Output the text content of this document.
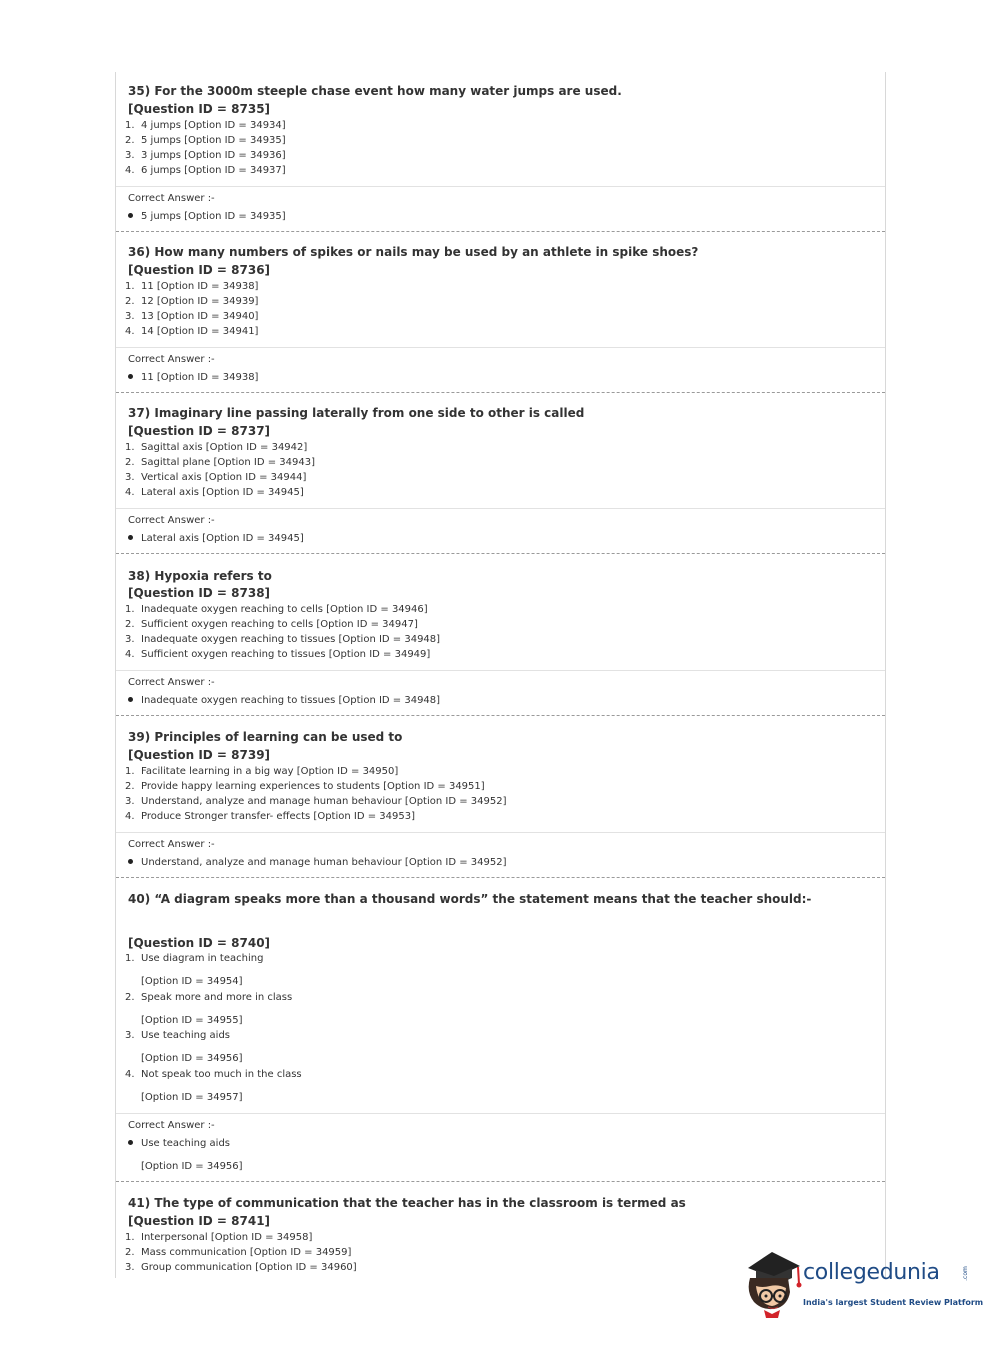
35) For the 3000m steeple chase event how many water jumps are used.
[Question ID = 8735]
1. 4 jumps [Option ID = 34934]
2. 5 jumps [Option ID = 34935]
3. 3 jumps [Option ID = 34936]
4. 6 jumps [Option ID = 34937]
Correct Answer :-
5 jumps [Option ID = 34935]
36) How many numbers of spikes or nails may be used by an athlete in spike shoes?
[Question ID = 8736]
1. 11 [Option ID = 34938]
2. 12 [Option ID = 34939]
3. 13 [Option ID = 34940]
4. 14 [Option ID = 34941]
Correct Answer :-
11 [Option ID = 34938]
37) Imaginary line passing laterally from one side to other is called
[Question ID = 8737]
1. Sagittal axis [Option ID = 34942]
2. Sagittal plane [Option ID = 34943]
3. Vertical axis [Option ID = 34944]
4. Lateral axis [Option ID = 34945]
Correct Answer :-
Lateral axis [Option ID = 34945]
38) Hypoxia refers to
[Question ID = 8738]
1. Inadequate oxygen reaching to cells [Option ID = 34946]
2. Sufficient oxygen reaching to cells [Option ID = 34947]
3. Inadequate oxygen reaching to tissues [Option ID = 34948]
4. Sufficient oxygen reaching to tissues [Option ID = 34949]
Correct Answer :-
Inadequate oxygen reaching to tissues [Option ID = 34948]
39) Principles of learning can be used to
[Question ID = 8739]
1. Facilitate learning in a big way [Option ID = 34950]
2. Provide happy learning experiences to students [Option ID = 34951]
3. Understand, analyze and manage human behaviour [Option ID = 34952]
4. Produce Stronger transfer- effects [Option ID = 34953]
Correct Answer :-
Understand, analyze and manage human behaviour [Option ID = 34952]
40) “A diagram speaks more than a thousand words” the statement means that the teacher should:-
[Question ID = 8740]
1. Use diagram in teaching
[Option ID = 34954]
2. Speak more and more in class
[Option ID = 34955]
3. Use teaching aids
[Option ID = 34956]
4. Not speak too much in the class
[Option ID = 34957]
Correct Answer :-
Use teaching aids
[Option ID = 34956]
41) The type of communication that the teacher has in the classroom is termed as
[Question ID = 8741]
1. Interpersonal [Option ID = 34958]
2. Mass communication [Option ID = 34959]
3. Group communication [Option ID = 34960]	collegedunia	.com
India's largest Student Review Platform
